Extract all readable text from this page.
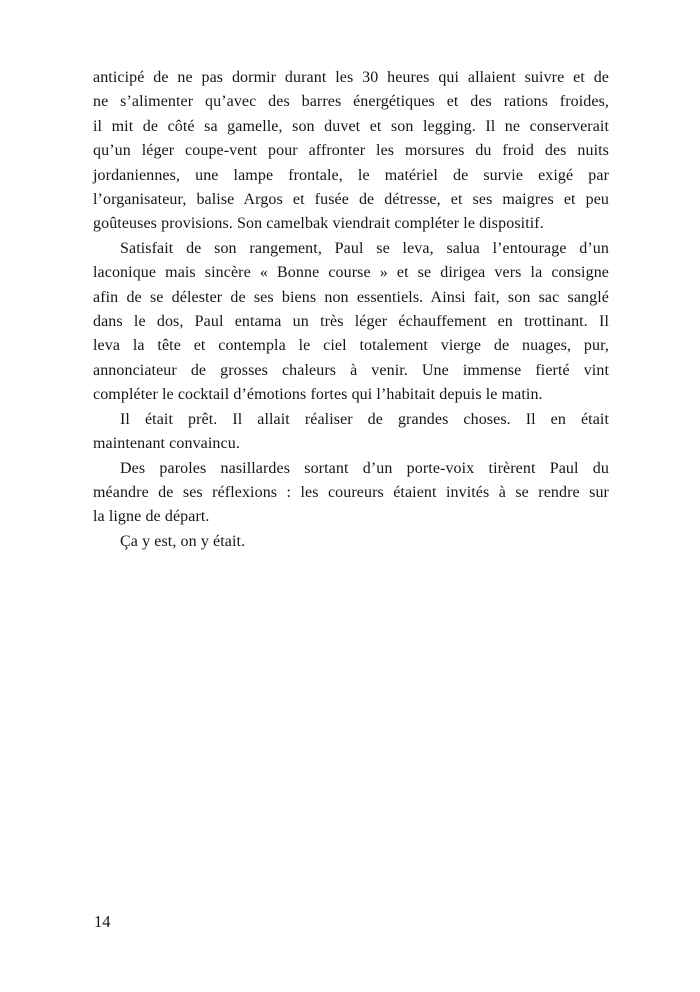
anticipé de ne pas dormir durant les 30 heures qui allaient suivre et de
ne s’alimenter qu’avec des barres énergétiques et des rations froides,
il mit de côté sa gamelle, son duvet et son legging. Il ne conserverait
qu’un léger coupe-vent pour affronter les morsures du froid des nuits
jordaniennes, une lampe frontale, le matériel de survie exigé par
l’organisateur, balise Argos et fusée de détresse, et ses maigres et peu
goûteuses provisions. Son camelbak viendrait compléter le dispositif.
Satisfait de son rangement, Paul se leva, salua l’entourage d’un
laconique mais sincère « Bonne course » et se dirigea vers la consigne
afin de se délester de ses biens non essentiels. Ainsi fait, son sac sanglé
dans le dos, Paul entama un très léger échauffement en trottinant. Il
leva la tête et contempla le ciel totalement vierge de nuages, pur,
annonciateur de grosses chaleurs à venir. Une immense fierté vint
compléter le cocktail d’émotions fortes qui l’habitait depuis le matin.
Il était prêt. Il allait réaliser de grandes choses. Il en était
maintenant convaincu.
Des paroles nasillardes sortant d’un porte-voix tirèrent Paul du
méandre de ses réflexions : les coureurs étaient invités à se rendre sur
la ligne de départ.
Ça y est, on y était.
14
